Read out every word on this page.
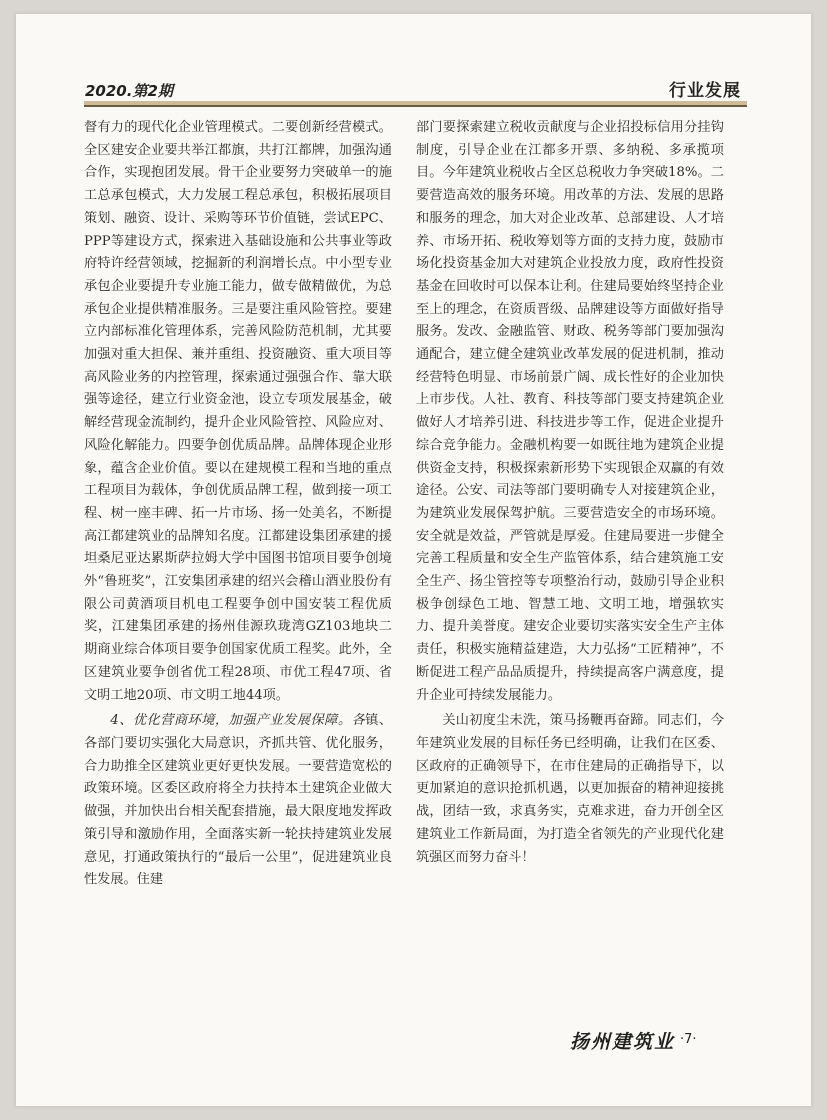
2020.第2期	行业发展

督有力的现代化企业管理模式。二要创新经营模式。全区建安企业要共举江都旗，共打江都牌，加强沟通合作，实现抱团发展。骨干企业要努力突破单一的施工总承包模式，大力发展工程总承包，积极拓展项目策划、融资、设计、采购等环节价值链，尝试EPC、PPP等建设方式，探索进入基础设施和公共事业等政府特许经营领域，挖掘新的利润增长点。中小型专业承包企业要提升专业施工能力，做专做精做优，为总承包企业提供精准服务。三是要注重风险管控。要建立内部标准化管理体系，完善风险防范机制，尤其要加强对重大担保、兼并重组、投资融资、重大项目等高风险业务的内控管理，探索通过强强合作、靠大联强等途径，建立行业资金池，设立专项发展基金，破解经营现金流制约，提升企业风险管控、风险应对、风险化解能力。四要争创优质品牌。品牌体现企业形象，蕴含企业价值。要以在建规模工程和当地的重点工程项目为载体，争创优质品牌工程，做到接一项工程、树一座丰碑、拓一片市场、扬一处美名，不断提高江都建筑业的品牌知名度。江都建设集团承建的援坦桑尼亚达累斯萨拉姆大学中国图书馆项目要争创境外“鲁班奖”，江安集团承建的绍兴会稽山酒业股份有限公司黄酒项目机电工程要争创中国安装工程优质奖，江建集团承建的扬州佳源玖珑湾GZ103地块二期商业综合体项目要争创国家优质工程奖。此外，全区建筑业要争创省优工程28项、市优工程47项、省文明工地20项、市文明工地44项。

4、优化营商环境，加强产业发展保障。各镇、各部门要切实强化大局意识，齐抓共管、优化服务，合力助推全区建筑业更好更快发展。一要营造宽松的政策环境。区委区政府将全力扶持本土建筑企业做大做强，并加快出台相关配套措施，最大限度地发挥政策引导和激励作用，全面落实新一轮扶持建筑业发展意见，打通政策执行的“最后一公里”，促进建筑业良性发展。住建

部门要探索建立税收贡献度与企业招投标信用分挂钩制度，引导企业在江都多开票、多纳税、多承揽项目。今年建筑业税收占全区总税收力争突破18%。二要营造高效的服务环境。用改革的方法、发展的思路和服务的理念，加大对企业改革、总部建设、人才培养、市场开拓、税收筹划等方面的支持力度，鼓励市场化投资基金加大对建筑企业投放力度，政府性投资基金在回收时可以保本让利。住建局要始终坚持企业至上的理念，在资质晋级、品牌建设等方面做好指导服务。发改、金融监管、财政、税务等部门要加强沟通配合，建立健全建筑业改革发展的促进机制，推动经营特色明显、市场前景广阔、成长性好的企业加快上市步伐。人社、教育、科技等部门要支持建筑企业做好人才培养引进、科技进步等工作，促进企业提升综合竞争能力。金融机构要一如既往地为建筑企业提供资金支持，积极探索新形势下实现银企双赢的有效途径。公安、司法等部门要明确专人对接建筑企业，为建筑业发展保驾护航。三要营造安全的市场环境。安全就是效益，严管就是厚爱。住建局要进一步健全完善工程质量和安全生产监管体系，结合建筑施工安全生产、扬尘管控等专项整治行动，鼓励引导企业积极争创绿色工地、智慧工地、文明工地，增强软实力、提升美誉度。建安企业要切实落实安全生产主体责任，积极实施精益建造，大力弘扬“工匠精神”，不断促进工程产品品质提升，持续提高客户满意度，提升企业可持续发展能力。

关山初度尘未洗，策马扬鞭再奋蹄。同志们，今年建筑业发展的目标任务已经明确，让我们在区委、区政府的正确领导下，在市住建局的正确指导下，以更加紧迫的意识抢抓机遇，以更加振奋的精神迎接挑战，团结一致，求真务实，克难求进，奋力开创全区建筑业工作新局面，为打造全省领先的产业现代化建筑强区而努力奋斗！

扬州建筑业 ·7·
